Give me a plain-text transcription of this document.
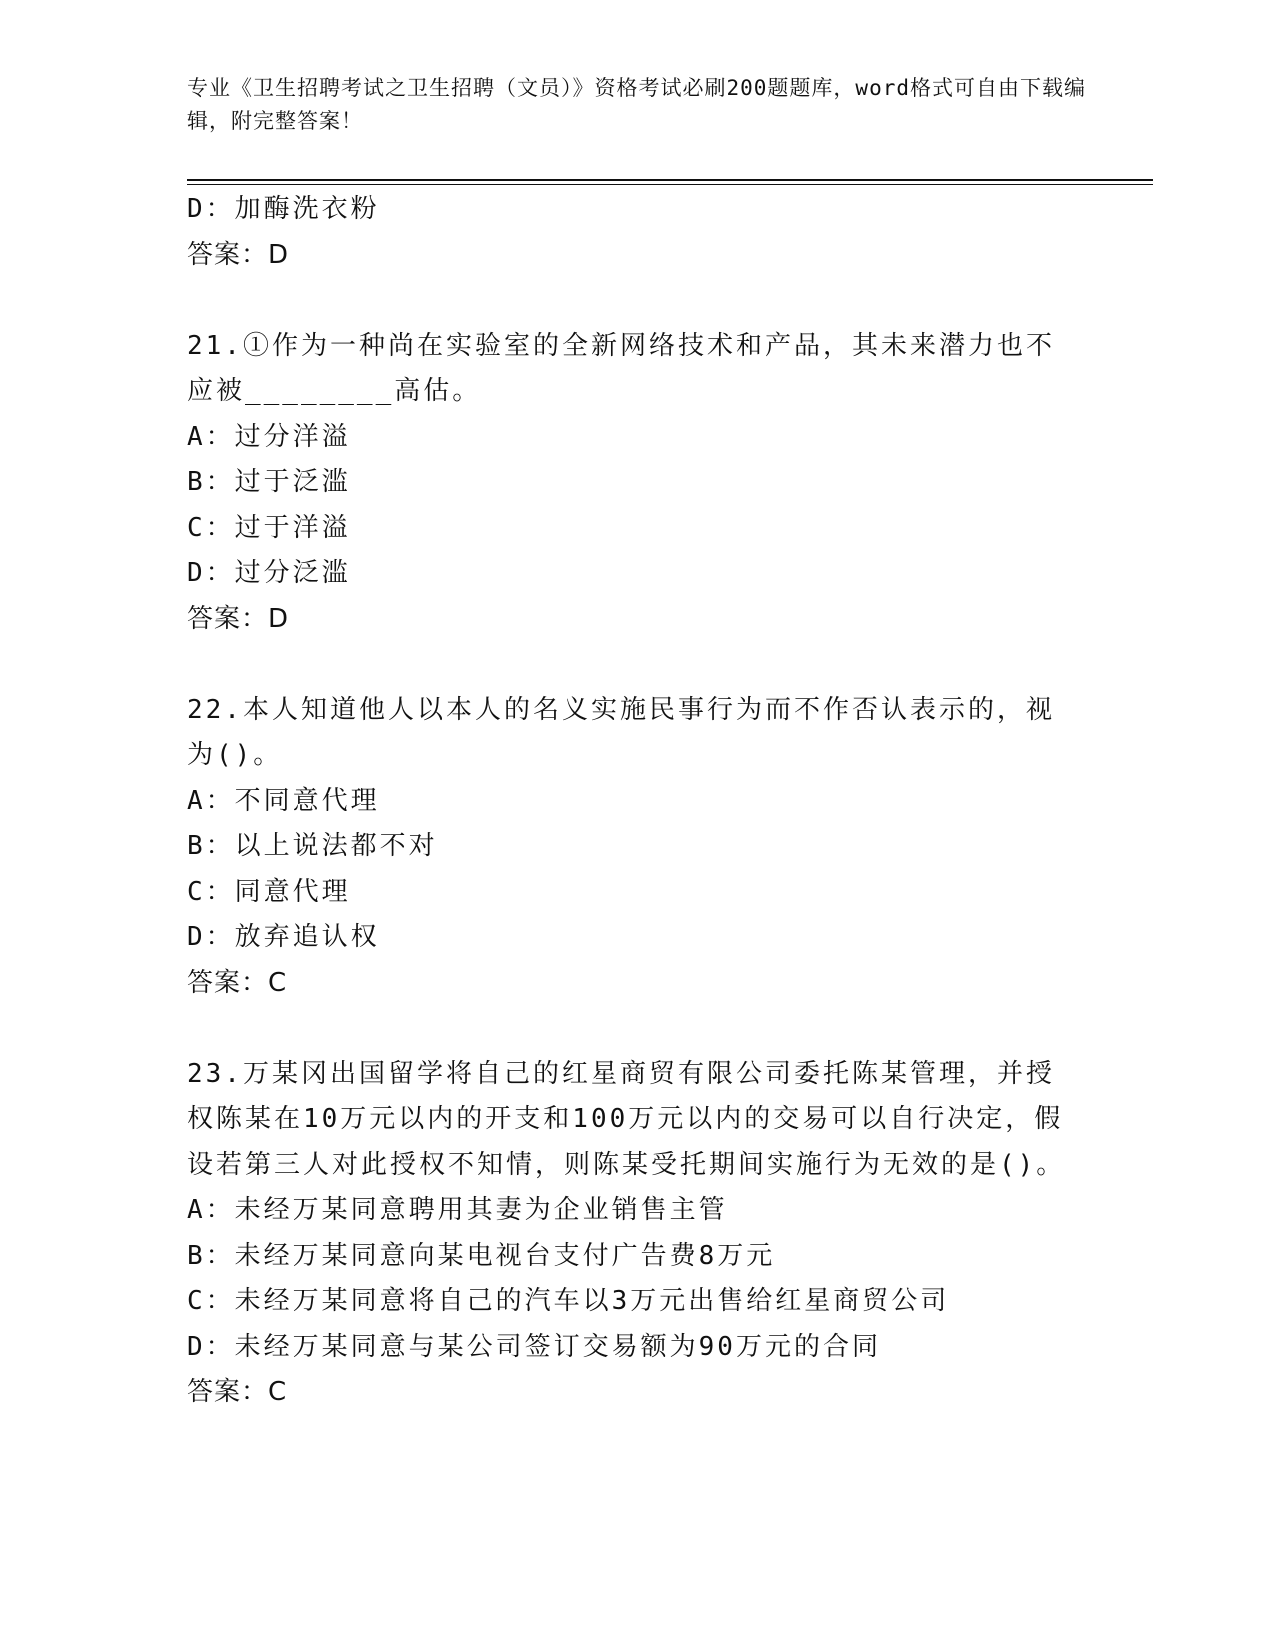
专业《卫生招聘考试之卫生招聘（文员）》资格考试必刷200题题库，word格式可自由下载编辑，附完整答案！
D：加酶洗衣粉
答案：D
21.①作为一种尚在实验室的全新网络技术和产品，其未来潜力也不应被________高估。
A：过分洋溢
B：过于泛滥
C：过于洋溢
D：过分泛滥
答案：D
22.本人知道他人以本人的名义实施民事行为而不作否认表示的，视为()。
A：不同意代理
B：以上说法都不对
C：同意代理
D：放弃追认权
答案：C
23.万某冈出国留学将自己的红星商贸有限公司委托陈某管理，并授权陈某在10万元以内的开支和100万元以内的交易可以自行决定，假设若第三人对此授权不知情，则陈某受托期间实施行为无效的是()。
A：未经万某同意聘用其妻为企业销售主管
B：未经万某同意向某电视台支付广告费8万元
C：未经万某同意将自己的汽车以3万元出售给红星商贸公司
D：未经万某同意与某公司签订交易额为90万元的合同
答案：C
